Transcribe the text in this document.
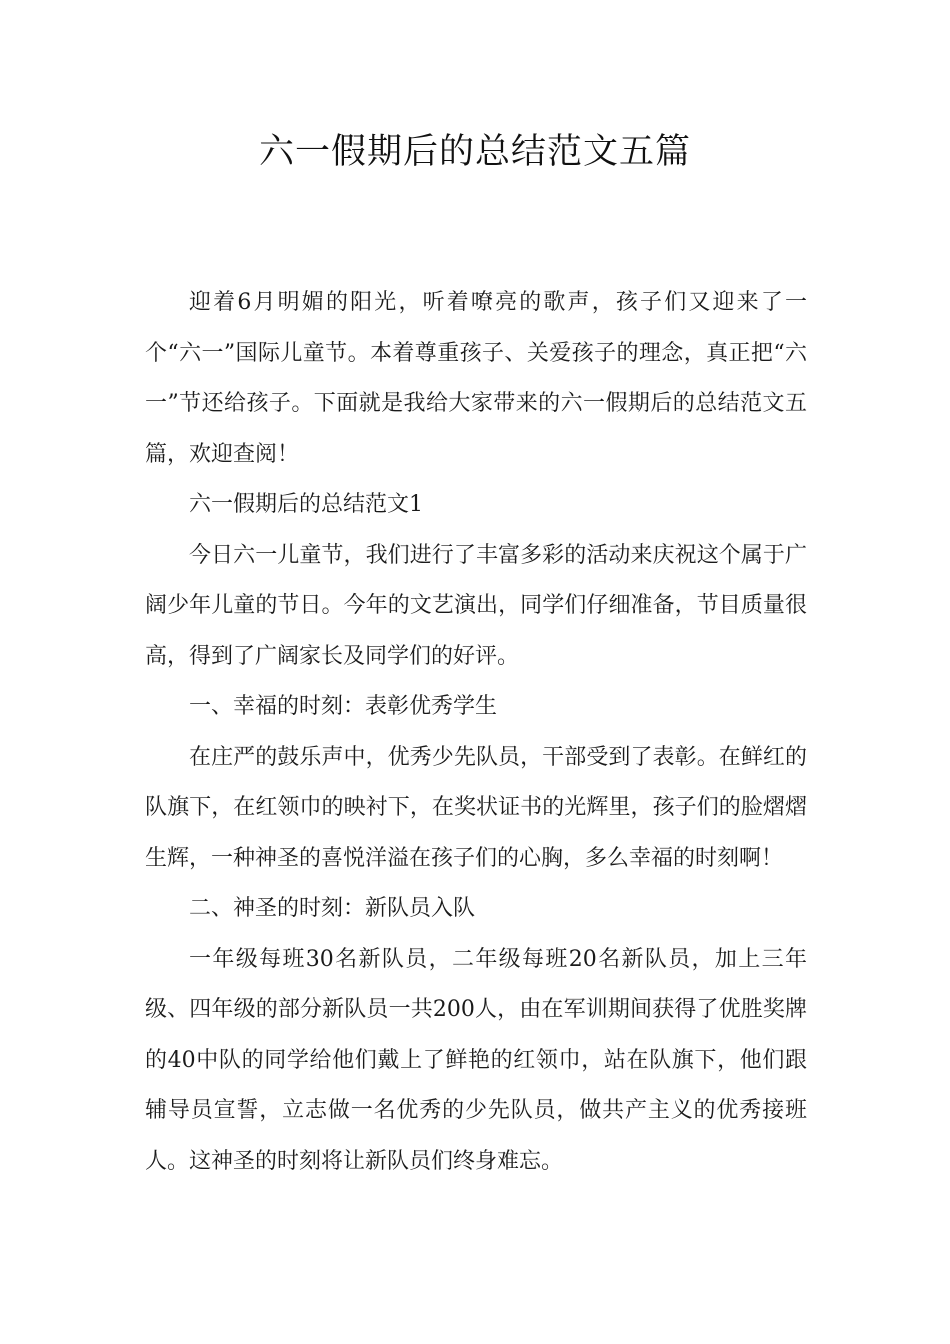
六一假期后的总结范文五篇

迎着6月明媚的阳光，听着嘹亮的歌声，孩子们又迎来了一个“六一”国际儿童节。本着尊重孩子、关爱孩子的理念，真正把“六一”节还给孩子。下面就是我给大家带来的六一假期后的总结范文五篇，欢迎查阅！

六一假期后的总结范文1

今日六一儿童节，我们进行了丰富多彩的活动来庆祝这个属于广阔少年儿童的节日。今年的文艺演出，同学们仔细准备，节目质量很高，得到了广阔家长及同学们的好评。

一、幸福的时刻：表彰优秀学生

在庄严的鼓乐声中，优秀少先队员，干部受到了表彰。在鲜红的队旗下，在红领巾的映衬下，在奖状证书的光辉里，孩子们的脸熠熠生辉，一种神圣的喜悦洋溢在孩子们的心胸，多么幸福的时刻啊！

二、神圣的时刻：新队员入队

一年级每班30名新队员，二年级每班20名新队员，加上三年级、四年级的部分新队员一共200人，由在军训期间获得了优胜奖牌的40中队的同学给他们戴上了鲜艳的红领巾，站在队旗下，他们跟辅导员宣誓，立志做一名优秀的少先队员，做共产主义的优秀接班人。这神圣的时刻将让新队员们终身难忘。
